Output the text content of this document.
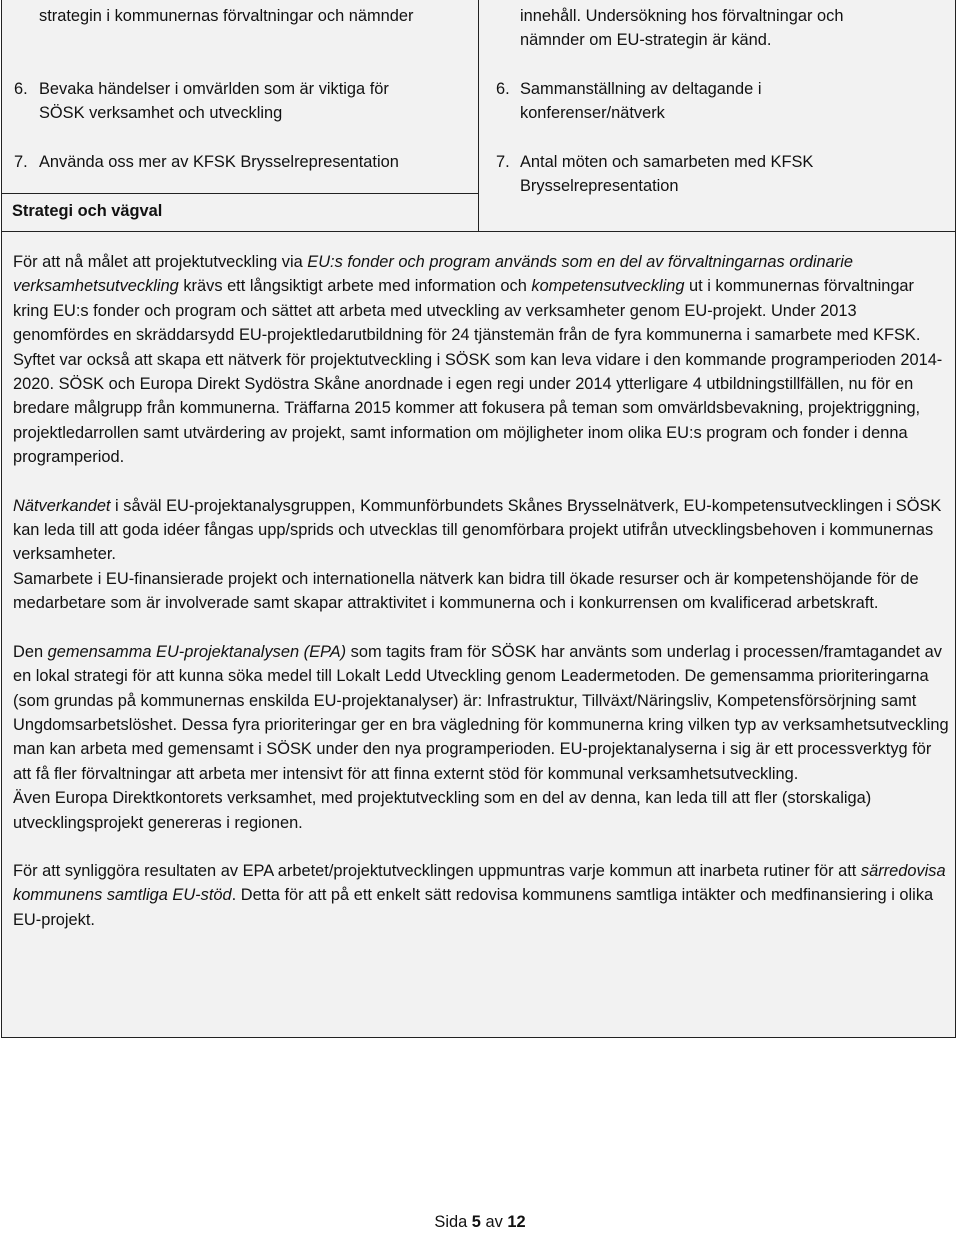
strategin i kommunernas förvaltningar och nämnder
6. Bevaka händelser i omvärlden som är viktiga för
SÖSK verksamhet och utveckling
7. Använda oss mer av KFSK Brysselrepresentation
Strategi och vägval
innehåll. Undersökning hos förvaltningar och
nämnder om EU-strategin är känd.
6. Sammanställning av deltagande i
konferenser/nätverk
7. Antal möten och samarbeten med KFSK
Brysselrepresentation

För att nå målet att projektutveckling via EU:s fonder och program används som en del av förvaltningarnas ordinarie verksamhetsutveckling krävs ett långsiktigt arbete med information och kompetensutveckling ut i kommunernas förvaltningar kring EU:s fonder och program och sättet att arbeta med utveckling av verksamheter genom EU-projekt. Under 2013 genomfördes en skräddarsydd EU-projektledarutbildning för 24 tjänstemän från de fyra kommunerna i samarbete med KFSK. Syftet var också att skapa ett nätverk för projektutveckling i SÖSK som kan leva vidare i den kommande programperioden 2014-2020. SÖSK och Europa Direkt Sydöstra Skåne anordnade i egen regi under 2014 ytterligare 4 utbildningstillfällen, nu för en bredare målgrupp från kommunerna. Träffarna 2015 kommer att fokusera på teman som omvärldsbevakning, projektriggning, projektledarrollen samt utvärdering av projekt, samt information om möjligheter inom olika EU:s program och fonder i denna programperiod.

Nätverkandet i såväl EU-projektanalysgruppen, Kommunförbundets Skånes Brysselnätverk, EU-kompetensutvecklingen i SÖSK kan leda till att goda idéer fångas upp/sprids och utvecklas till genomförbara projekt utifrån utvecklingsbehoven i kommunernas verksamheter.

Samarbete i EU-finansierade projekt och internationella nätverk kan bidra till ökade resurser och är kompetenshöjande för de medarbetare som är involverade samt skapar attraktivitet i kommunerna och i konkurrensen om kvalificerad arbetskraft.

Den gemensamma EU-projektanalysen (EPA) som tagits fram för SÖSK har använts som underlag i processen/framtagandet av en lokal strategi för att kunna söka medel till Lokalt Ledd Utveckling genom Leadermetoden. De gemensamma prioriteringarna (som grundas på kommunernas enskilda EU-projektanalyser) är: Infrastruktur, Tillväxt/Näringsliv, Kompetensförsörjning samt Ungdomsarbetslöshet. Dessa fyra prioriteringar ger en bra vägledning för kommunerna kring vilken typ av verksamhetsutveckling man kan arbeta med gemensamt i SÖSK under den nya programperioden. EU-projektanalyserna i sig är ett processverktyg för att få fler förvaltningar att arbeta mer intensivt för att finna externt stöd för kommunal verksamhetsutveckling.

Även Europa Direktkontorets verksamhet, med projektutveckling som en del av denna, kan leda till att fler (storskaliga) utvecklingsprojekt genereras i regionen.

För att synliggöra resultaten av EPA arbetet/projektutvecklingen uppmuntras varje kommun att inarbeta rutiner för att särredovisa kommunens samtliga EU-stöd. Detta för att på ett enkelt sätt redovisa kommunens samtliga intäkter och medfinansiering i olika EU-projekt.

Sida 5 av 12
